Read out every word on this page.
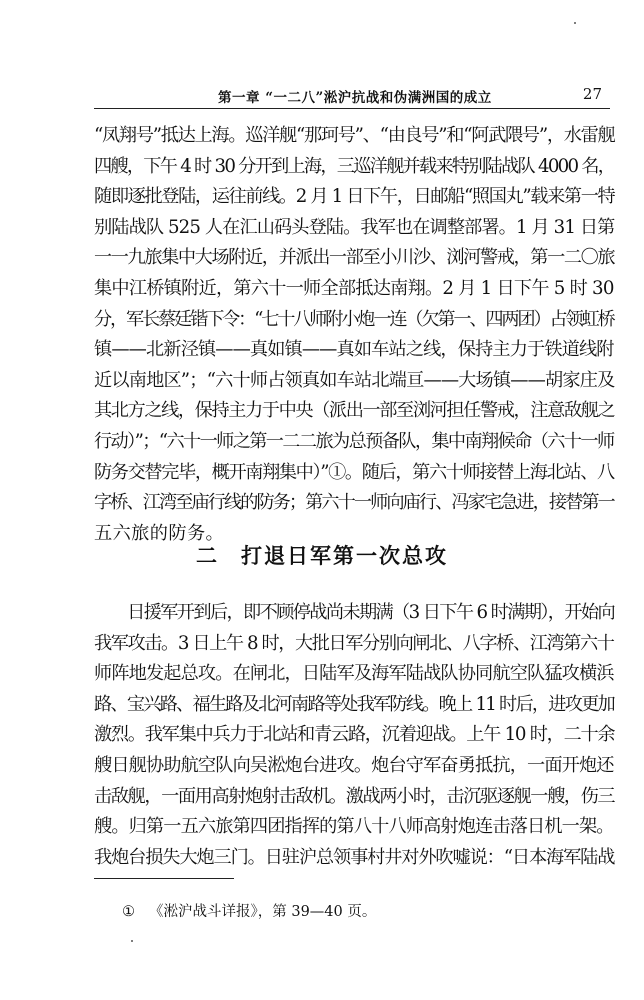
第一章 “一二八”淞沪抗战和伪满洲国的成立	27
“凤翔号”抵达上海。巡洋舰“那珂号”、“由良号”和“阿武隈号”，水雷舰
四艘，下午 4 时 30 分开到上海，三巡洋舰并载来特别陆战队 4000 名，
随即逐批登陆，运往前线。2 月 1 日下午，日邮船“照国丸”载来第一特
别陆战队 525 人在汇山码头登陆。我军也在调整部署。1 月 31 日第
一一九旅集中大场附近，并派出一部至小川沙、浏河警戒，第一二〇旅
集中江桥镇附近，第六十一师全部抵达南翔。2 月 1 日下午 5 时 30
分，军长蔡廷锴下令：“七十八师附小炮一连（欠第一、四两团）占领虹桥
镇——北新泾镇——真如镇——真如车站之线，保持主力于铁道线附
近以南地区”；“六十师占领真如车站北端亘——大场镇——胡家庄及
其北方之线，保持主力于中央（派出一部至浏河担任警戒，注意敌舰之
行动）”；“六十一师之第一二二旅为总预备队，集中南翔候命（六十一师
防务交替完毕，概开南翔集中）”①。随后，第六十师接替上海北站、八
字桥、江湾至庙行线的防务；第六十一师向庙行、冯家宅急进，接替第一
五六旅的防务。
二 打退日军第一次总攻
　　日援军开到后，即不顾停战尚未期满（3 日下午 6 时满期），开始向
我军攻击。3 日上午 8 时，大批日军分别向闸北、八字桥、江湾第六十
师阵地发起总攻。在闸北，日陆军及海军陆战队协同航空队猛攻横浜
路、宝兴路、福生路及北河南路等处我军防线。晚上 11 时后，进攻更加
激烈。我军集中兵力于北站和青云路，沉着迎战。上午 10 时，二十余
艘日舰协助航空队向吴淞炮台进攻。炮台守军奋勇抵抗，一面开炮还
击敌舰，一面用高射炮射击敌机。激战两小时，击沉驱逐舰一艘，伤三
艘。归第一五六旅第四团指挥的第八十八师高射炮连击落日机一架。
我炮台损失大炮三门。日驻沪总领事村井对外吹嘘说：“日本海军陆战
① 《淞沪战斗详报》，第 39—40 页。
